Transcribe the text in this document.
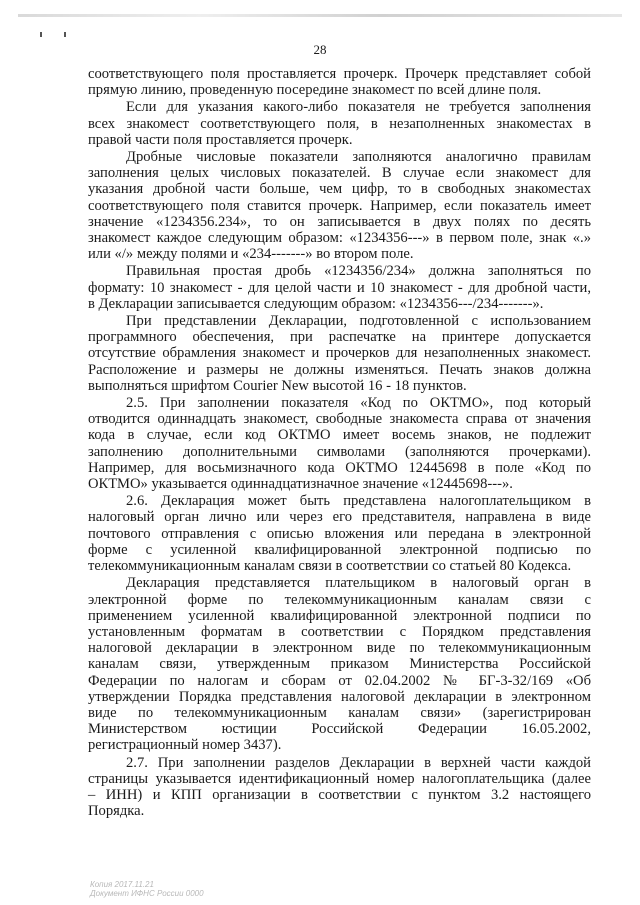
28
соответствующего поля проставляется прочерк. Прочерк представляет собой
прямую линию, проведенную посередине знакомест по всей длине поля.
Если для указания какого-либо показателя не требуется заполнения
всех знакомест соответствующего поля, в незаполненных знакоместах в
правой части поля проставляется прочерк.
Дробные числовые показатели заполняются аналогично правилам
заполнения целых числовых показателей. В случае если знакомест для
указания дробной части больше, чем цифр, то в свободных знакоместах
соответствующего поля ставится прочерк. Например, если показатель имеет
значение «1234356.234», то он записывается в двух полях по десять
знакомест каждое следующим образом: «1234356---» в первом поле, знак «.»
или «/» между полями и «234-------» во втором поле.
Правильная простая дробь «1234356/234» должна заполняться по
формату: 10 знакомест - для целой части и 10 знакомест - для дробной части,
в Декларации записывается следующим образом: «1234356---/234-------».
При представлении Декларации, подготовленной с использованием
программного обеспечения, при распечатке на принтере допускается
отсутствие обрамления знакомест и прочерков для незаполненных знакомест.
Расположение и размеры не должны изменяться. Печать знаков должна
выполняться шрифтом Courier New высотой 16 - 18 пунктов.
2.5. При заполнении показателя «Код по ОКТМО», под который
отводится одиннадцать знакомест, свободные знакоместа справа от значения
кода в случае, если код ОКТМО имеет восемь знаков, не подлежит
заполнению дополнительными символами (заполняются прочерками).
Например, для восьмизначного кода ОКТМО 12445698 в поле «Код по
ОКТМО» указывается одиннадцатизначное значение «12445698---».
2.6. Декларация может быть представлена налогоплательщиком в
налоговый орган лично или через его представителя, направлена в виде
почтового отправления с описью вложения или передана в электронной
форме с усиленной квалифицированной электронной подписью по
телекоммуникационным каналам связи в соответствии со статьей 80 Кодекса.
Декларация представляется плательщиком в налоговый орган в
электронной форме по телекоммуникационным каналам связи с
применением усиленной квалифицированной электронной подписи по
установленным форматам в соответствии с Порядком представления
налоговой декларации в электронном виде по телекоммуникационным
каналам связи, утвержденным приказом Министерства Российской
Федерации по налогам и сборам от 02.04.2002 № БГ-3-32/169 «Об
утверждении Порядка представления налоговой декларации в электронном
виде по телекоммуникационным каналам связи» (зарегистрирован
Министерством юстиции Российской Федерации 16.05.2002,
регистрационный номер 3437).
2.7. При заполнении разделов Декларации в верхней части каждой
страницы указывается идентификационный номер налогоплательщика (далее
– ИНН) и КПП организации в соответствии с пунктом 3.2 настоящего
Порядка.
Копия 2017.11.21
Документ ИФНС России 0000
